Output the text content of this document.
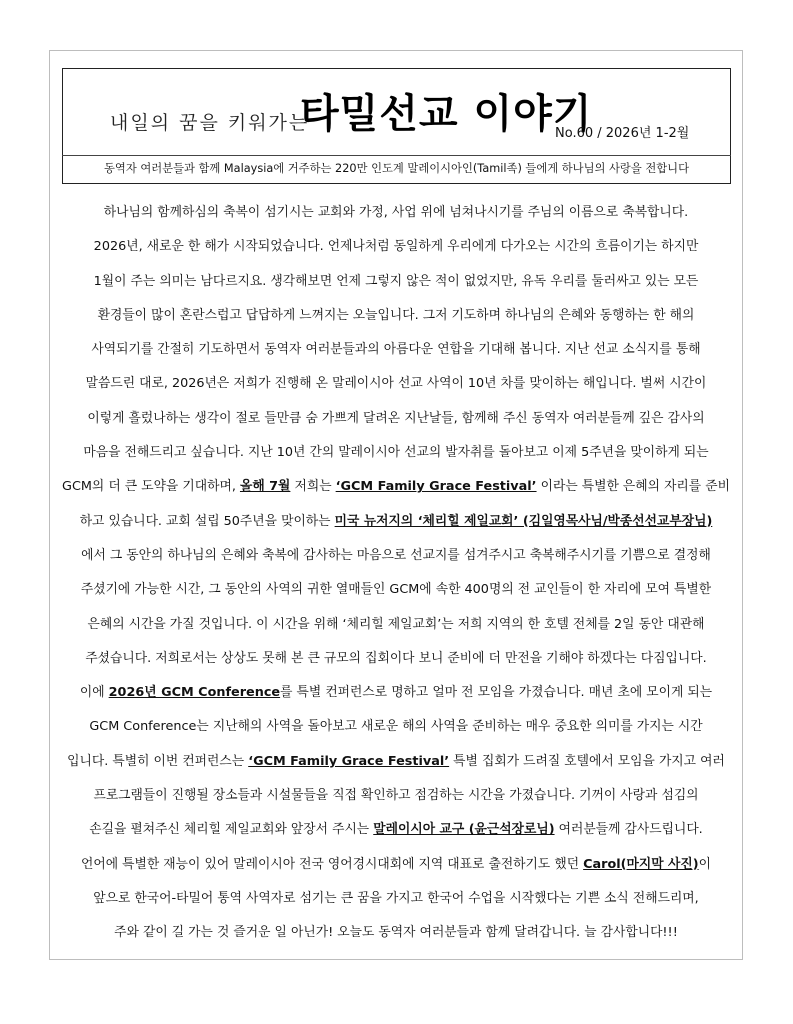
내일의 꿈을 키워가는
타밀선교 이야기
No.60 / 2026년 1-2월
동역자 여러분들과 함께 Malaysia에 거주하는 220만 인도계 말레이시아인(Tamil족) 들에게 하나님의 사랑을 전합니다
하나님의 함께하심의 축복이 섬기시는 교회와 가정, 사업 위에 넘쳐나시기를 주님의 이름으로 축복합니다.
2026년, 새로운 한 해가 시작되었습니다. 언제나처럼 동일하게 우리에게 다가오는 시간의 흐름이기는 하지만
1월이 주는 의미는 남다르지요. 생각해보면 언제 그렇지 않은 적이 없었지만, 유독 우리를 둘러싸고 있는 모든
환경들이 많이 혼란스럽고 답답하게 느껴지는 오늘입니다. 그저 기도하며 하나님의 은혜와 동행하는 한 해의
사역되기를 간절히 기도하면서 동역자 여러분들과의 아름다운 연합을 기대해 봅니다. 지난 선교 소식지를 통해
말씀드린 대로, 2026년은 저희가 진행해 온 말레이시아 선교 사역이 10년 차를 맞이하는 해입니다. 벌써 시간이
이렇게 흘렀나하는 생각이 절로 들만큼 숨 가쁘게 달려온 지난날들, 함께해 주신 동역자 여러분들께 깊은 감사의
마음을 전해드리고 싶습니다. 지난 10년 간의 말레이시아 선교의 발자취를 돌아보고 이제 5주년을 맞이하게 되는
GCM의 더 큰 도약을 기대하며, 올해 7월 저희는 ‘GCM Family Grace Festival’ 이라는 특별한 은혜의 자리를 준비
하고 있습니다. 교회 설립 50주년을 맞이하는 미국 뉴저지의 ‘체리힐 제일교회’ (김일영목사님/박종선선교부장님)
에서 그 동안의 하나님의 은혜와 축복에 감사하는 마음으로 선교지를 섬겨주시고 축복해주시기를 기쁨으로 결정해
주셨기에 가능한 시간, 그 동안의 사역의 귀한 열매들인 GCM에 속한 400명의 전 교인들이 한 자리에 모여 특별한
은혜의 시간을 가질 것입니다. 이 시간을 위해 ‘체리힐 제일교회’는 저희 지역의 한 호텔 전체를 2일 동안 대관해
주셨습니다. 저희로서는 상상도 못해 본 큰 규모의 집회이다 보니 준비에 더 만전을 기해야 하겠다는 다짐입니다.
이에 2026년 GCM Conference를 특별 컨퍼런스로 명하고 얼마 전 모임을 가졌습니다. 매년 초에 모이게 되는
GCM Conference는 지난해의 사역을 돌아보고 새로운 해의 사역을 준비하는 매우 중요한 의미를 가지는 시간
입니다. 특별히 이번 컨퍼런스는 ‘GCM Family Grace Festival’ 특별 집회가 드려질 호텔에서 모임을 가지고 여러
프로그램들이 진행될 장소들과 시설물들을 직접 확인하고 점검하는 시간을 가졌습니다. 기꺼이 사랑과 섬김의
손길을 펼쳐주신 체리힐 제일교회와 앞장서 주시는 말레이시아 교구 (윤근석장로님) 여러분들께 감사드립니다.
언어에 특별한 재능이 있어 말레이시아 전국 영어경시대회에 지역 대표로 출전하기도 했던 Carol(마지막 사진)이
앞으로 한국어-타밀어 통역 사역자로 섬기는 큰 꿈을 가지고 한국어 수업을 시작했다는 기쁜 소식 전해드리며,
주와 같이 길 가는 것 즐거운 일 아닌가! 오늘도 동역자 여러분들과 함께 달려갑니다. 늘 감사합니다!!!
